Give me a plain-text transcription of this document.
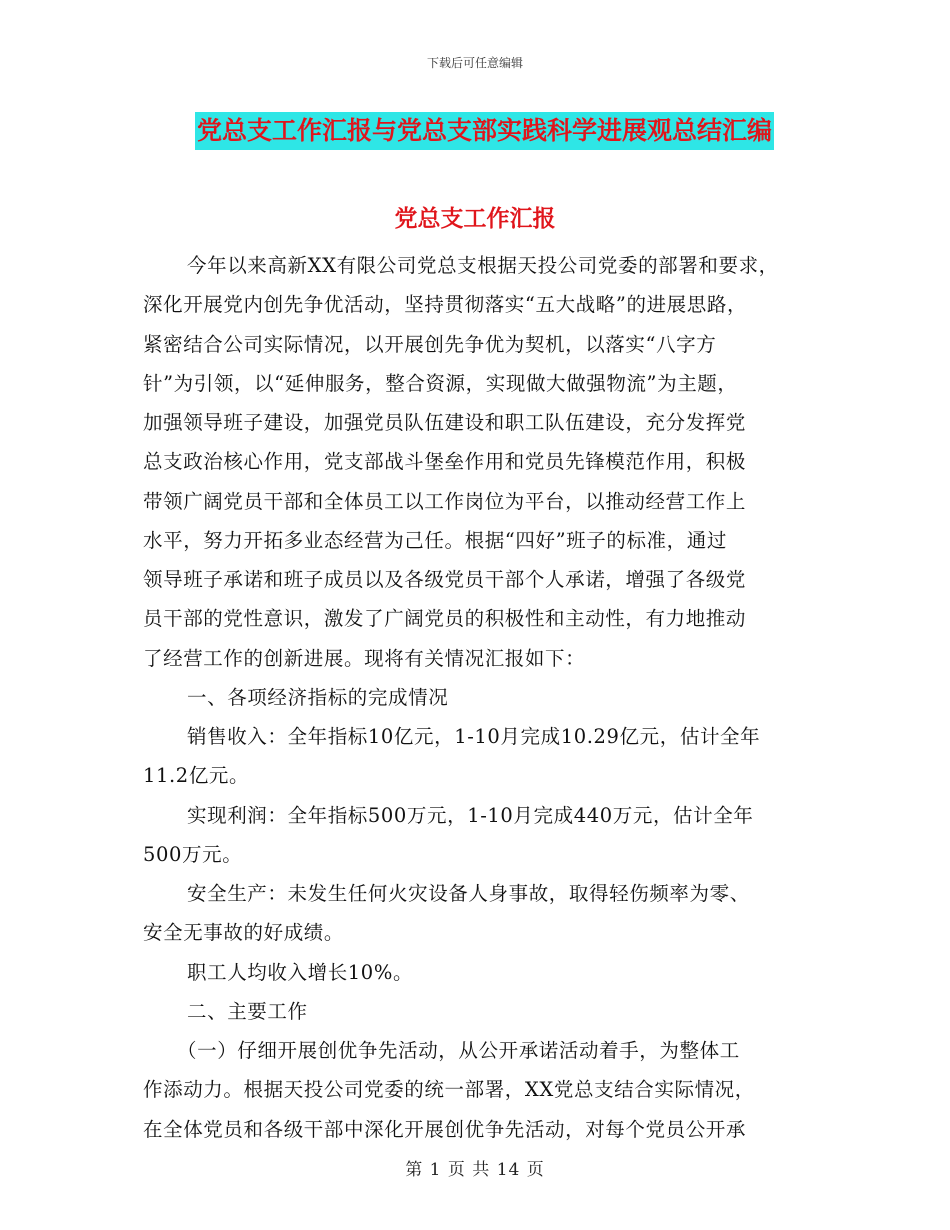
下载后可任意编辑
党总支工作汇报与党总支部实践科学进展观总结汇编
党总支工作汇报
今年以来高新XX有限公司党总支根据天投公司党委的部署和要求，
深化开展党内创先争优活动，坚持贯彻落实“五大战略”的进展思路，
紧密结合公司实际情况，以开展创先争优为契机，以落实“八字方
针”为引领，以“延伸服务，整合资源，实现做大做强物流”为主题，
加强领导班子建设，加强党员队伍建设和职工队伍建设，充分发挥党
总支政治核心作用，党支部战斗堡垒作用和党员先锋模范作用，积极
带领广阔党员干部和全体员工以工作岗位为平台，以推动经营工作上
水平，努力开拓多业态经营为己任。根据“四好”班子的标准，通过
领导班子承诺和班子成员以及各级党员干部个人承诺，增强了各级党
员干部的党性意识，激发了广阔党员的积极性和主动性，有力地推动
了经营工作的创新进展。现将有关情况汇报如下：
一、各项经济指标的完成情况
销售收入：全年指标10亿元，1-10月完成10.29亿元，估计全年
11.2亿元。
实现利润：全年指标500万元，1-10月完成440万元，估计全年
500万元。
安全生产：未发生任何火灾设备人身事故，取得轻伤频率为零、
安全无事故的好成绩。
职工人均收入增长10%。
二、主要工作
（一）仔细开展创优争先活动，从公开承诺活动着手，为整体工
作添动力。根据天投公司党委的统一部署，XX党总支结合实际情况，
在全体党员和各级干部中深化开展创优争先活动，对每个党员公开承
第 1 页 共 14 页
